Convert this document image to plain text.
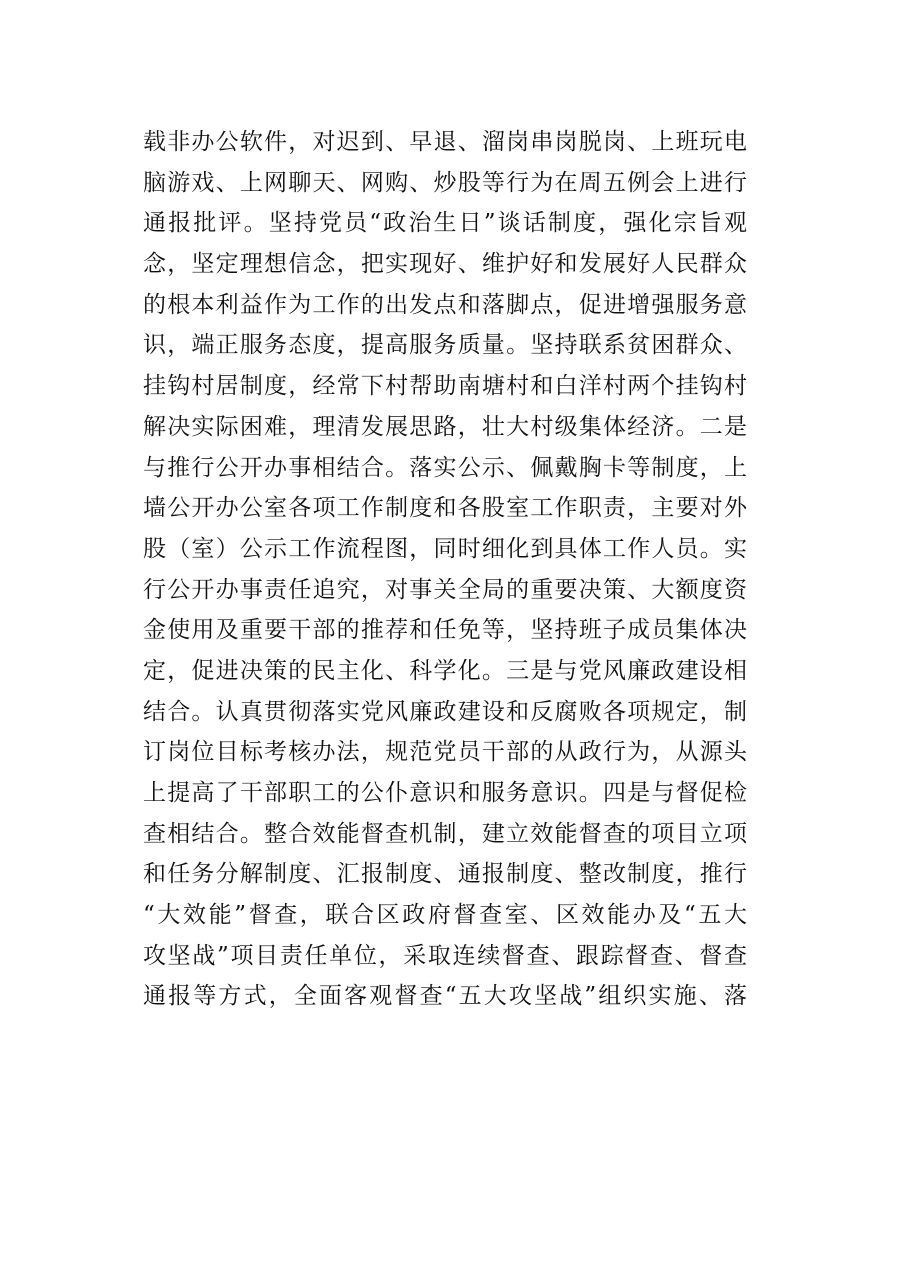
载非办公软件，对迟到、早退、溜岗串岗脱岗、上班玩电
脑游戏、上网聊天、网购、炒股等行为在周五例会上进行
通报批评。坚持党员“政治生日”谈话制度，强化宗旨观
念，坚定理想信念，把实现好、维护好和发展好人民群众
的根本利益作为工作的出发点和落脚点，促进增强服务意
识，端正服务态度，提高服务质量。坚持联系贫困群众、
挂钩村居制度，经常下村帮助南塘村和白洋村两个挂钩村
解决实际困难，理清发展思路，壮大村级集体经济。二是
与推行公开办事相结合。落实公示、佩戴胸卡等制度，上
墙公开办公室各项工作制度和各股室工作职责，主要对外
股（室）公示工作流程图，同时细化到具体工作人员。实
行公开办事责任追究，对事关全局的重要决策、大额度资
金使用及重要干部的推荐和任免等，坚持班子成员集体决
定，促进决策的民主化、科学化。三是与党风廉政建设相
结合。认真贯彻落实党风廉政建设和反腐败各项规定，制
订岗位目标考核办法，规范党员干部的从政行为，从源头
上提高了干部职工的公仆意识和服务意识。四是与督促检
查相结合。整合效能督查机制，建立效能督查的项目立项
和任务分解制度、汇报制度、通报制度、整改制度，推行
“大效能”督查，联合区政府督查室、区效能办及“五大
攻坚战”项目责任单位，采取连续督查、跟踪督查、督查
通报等方式，全面客观督查“五大攻坚战”组织实施、落
